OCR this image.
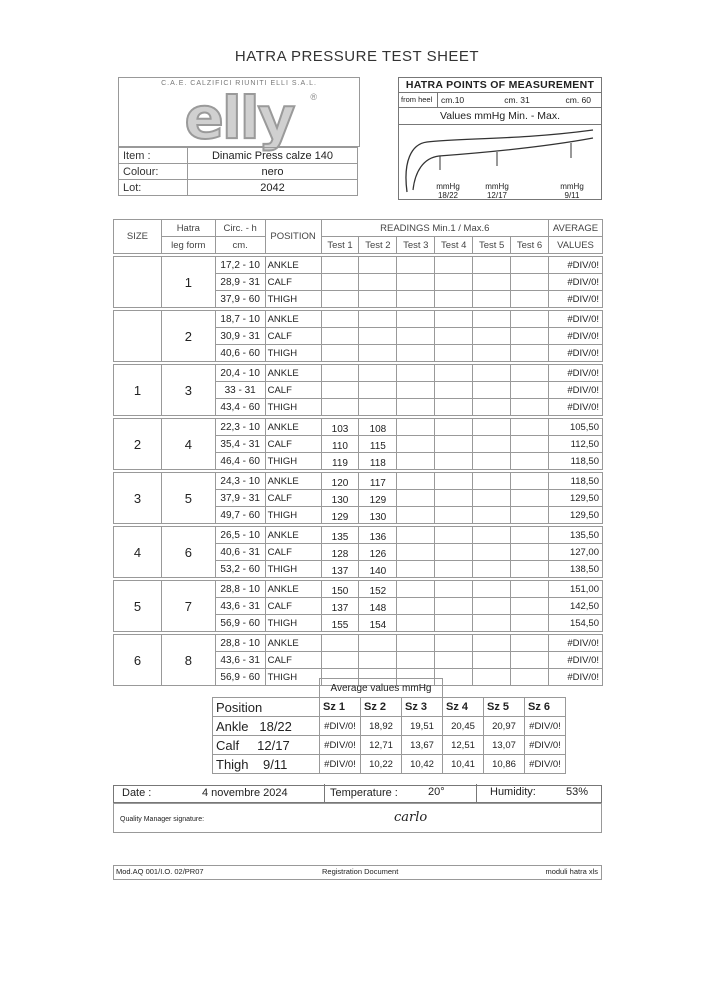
HATRA PRESSURE TEST SHEET
C.A.E. CALZIFICI RIUNITI ELLI S.A.L.
elly	®
Item :	Dinamic Press calze 140
Colour:	nero
Lot:	2042
HATRA POINTS OF MEASUREMENT
from heel	cm.10	cm. 31	cm. 60
Values mmHg Min. - Max.
mmHg
18/22
mmHg
12/17
mmHg
9/11
SIZE	Hatra	Circ. - h	POSITION	READINGS Min.1 / Max.6						AVERAGE
	leg form	cm.		Test 1	Test 2	Test 3	Test 4	Test 5	Test 6	VALUES

	1	17,2 - 10	ANKLE							#DIV/0!
		28,9 - 31	CALF							#DIV/0!
		37,9 - 60	THIGH							#DIV/0!

	2	18,7 - 10	ANKLE							#DIV/0!
		30,9 - 31	CALF							#DIV/0!
		40,6 - 60	THIGH							#DIV/0!

1	3	20,4 - 10	ANKLE							#DIV/0!
		33 - 31	CALF							#DIV/0!
		43,4 - 60	THIGH							#DIV/0!

2	4	22,3 - 10	ANKLE	103	108					105,50
		35,4 - 31	CALF	110	115					112,50
		46,4 - 60	THIGH	119	118					118,50

3	5	24,3 - 10	ANKLE	120	117					118,50
		37,9 - 31	CALF	130	129					129,50
		49,7 - 60	THIGH	129	130					129,50

4	6	26,5 - 10	ANKLE	135	136					135,50
		40,6 - 31	CALF	128	126					127,00
		53,2 - 60	THIGH	137	140					138,50

5	7	28,8 - 10	ANKLE	150	152					151,00
		43,6 - 31	CALF	137	148					142,50
		56,9 - 60	THIGH	155	154					154,50

6	8	28,8 - 10	ANKLE							#DIV/0!
		43,6 - 31	CALF							#DIV/0!
		56,9 - 60	THIGH							#DIV/0!
	Average values mmHg					
Position	Sz 1	Sz 2	Sz 3	Sz 4	Sz 5	Sz 6
Ankle   18/22	#DIV/0!	18,92	19,51	20,45	20,97	#DIV/0!
Calf     12/17	#DIV/0!	12,71	13,67	12,51	13,07	#DIV/0!
Thigh    9/11	#DIV/0!	10,22	10,42	10,41	10,86	#DIV/0!
Date :	4 novembre 2024	Temperature :	20°	Humidity:	53%
Quality Manager signature:	carlo
Mod.AQ 001/I.O. 02/PR07	Registration Document	moduli hatra xls
